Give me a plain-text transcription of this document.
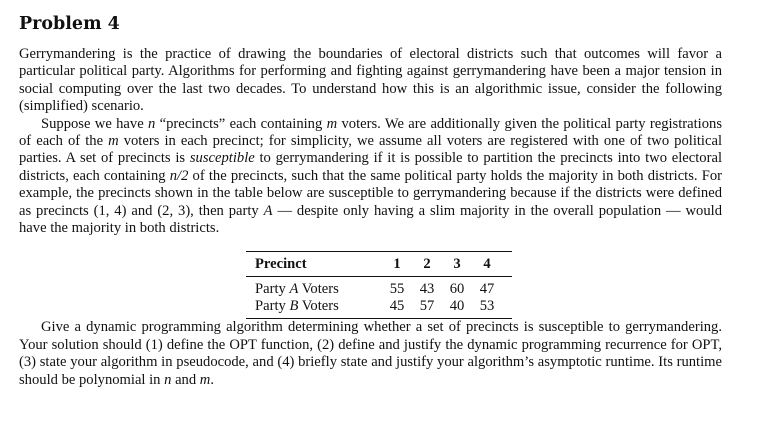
Problem 4

Gerrymandering is the practice of drawing the boundaries of electoral districts such that outcomes will favor a particular political party. Algorithms for performing and fighting against gerrymandering have been a major tension in social computing over the last two decades. To understand how this is an algorithmic issue, consider the following (simplified) scenario.

Suppose we have n “precincts” each containing m voters. We are additionally given the political party registrations of each of the m voters in each precinct; for simplicity, we assume all voters are registered with one of two political parties. A set of precincts is susceptible to gerrymandering if it is possible to partition the precincts into two electoral districts, each containing n/2 of the precincts, such that the same political party holds the majority in both districts. For example, the precincts shown in the table below are susceptible to gerrymandering because if the districts were defined as precincts (1, 4) and (2, 3), then party A — despite only having a slim majority in the overall population — would have the majority in both districts.

Precinct	1	2	3	4
Party A Voters	55	43	60	47
Party B Voters	45	57	40	53

Give a dynamic programming algorithm determining whether a set of precincts is susceptible to gerrymandering. Your solution should (1) define the OPT function, (2) define and justify the dynamic programming recurrence for OPT, (3) state your algorithm in pseudocode, and (4) briefly state and justify your algorithm’s asymptotic runtime. Its runtime should be polynomial in n and m.
